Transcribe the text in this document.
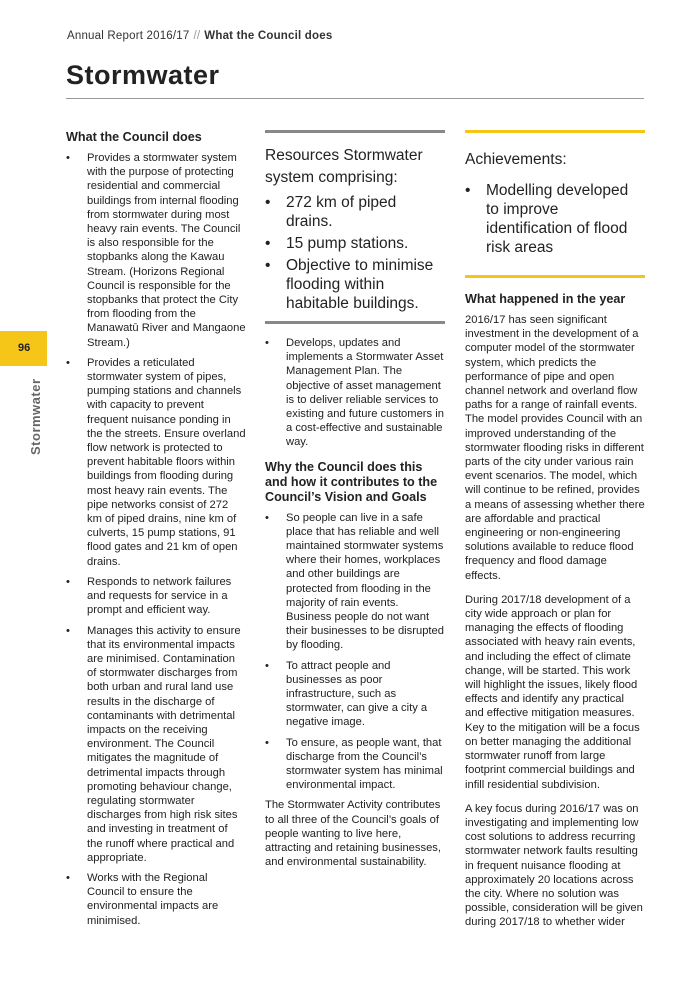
Annual Report 2016/17 // What the Council does
Stormwater
96
Stormwater
What the Council does
• Provides a stormwater system with the purpose of protecting residential and commercial buildings from internal flooding from stormwater during most heavy rain events. The Council is also responsible for the stopbanks along the Kawau Stream. (Horizons Regional Council is responsible for the stopbanks that protect the City from flooding from the Manawatū River and Mangaone Stream.)
• Provides a reticulated stormwater system of pipes, pumping stations and channels with capacity to prevent frequent nuisance ponding in the the streets. Ensure overland flow network is protected to prevent habitable floors within buildings from flooding during most heavy rain events. The pipe networks consist of 272 km of piped drains, nine km of culverts, 15 pump stations, 91 flood gates and 21 km of open drains.
• Responds to network failures and requests for service in a prompt and efficient way.
• Manages this activity to ensure that its environmental impacts are minimised. Contamination of stormwater discharges from both urban and rural land use results in the discharge of contaminants with detrimental impacts on the receiving environment. The Council mitigates the magnitude of detrimental impacts through promoting behaviour change, regulating stormwater discharges from high risk sites and investing in treatment of the runoff where practical and appropriate.
• Works with the Regional Council to ensure the environmental impacts are minimised.
Resources Stormwater system comprising:
• 272 km of piped drains.
• 15 pump stations.
• Objective to minimise flooding within habitable buildings.
• Develops, updates and implements a Stormwater Asset Management Plan. The objective of asset management is to deliver reliable services to existing and future customers in a cost-effective and sustainable way.
Why the Council does this and how it contributes to the Council’s Vision and Goals
• So people can live in a safe place that has reliable and well maintained stormwater systems where their homes, workplaces and other buildings are protected from flooding in the majority of rain events. Business people do not want their businesses to be disrupted by flooding.
• To attract people and businesses as poor infrastructure, such as stormwater, can give a city a negative image.
• To ensure, as people want, that discharge from the Council’s stormwater system has minimal environmental impact.

The Stormwater Activity contributes to all three of the Council’s goals of people wanting to live here, attracting and retaining businesses, and environmental sustainability.

Achievements:
• Modelling developed to improve identification of flood risk areas
What happened in the year

2016/17 has seen significant investment in the development of a computer model of the stormwater system, which predicts the performance of pipe and open channel network and overland flow paths for a range of rainfall events. The model provides Council with an improved understanding of the stormwater flooding risks in different parts of the city under various rain event scenarios. The model, which will continue to be refined, provides a means of assessing whether there are affordable and practical engineering or non-engineering solutions available to reduce flood frequency and flood damage effects.

During 2017/18 development of a city wide approach or plan for managing the effects of flooding associated with heavy rain events, and including the effect of climate change, will be started. This work will highlight the issues, likely flood effects and identify any practical and effective mitigation measures. Key to the mitigation will be a focus on better managing the additional stormwater runoff from large footprint commercial buildings and infill residential subdivision.

A key focus during 2016/17 was on investigating and implementing low cost solutions to address recurring stormwater network faults resulting in frequent nuisance flooding at approximately 20 locations across the city. Where no solution was possible, consideration will be given during 2017/18 to whether wider
